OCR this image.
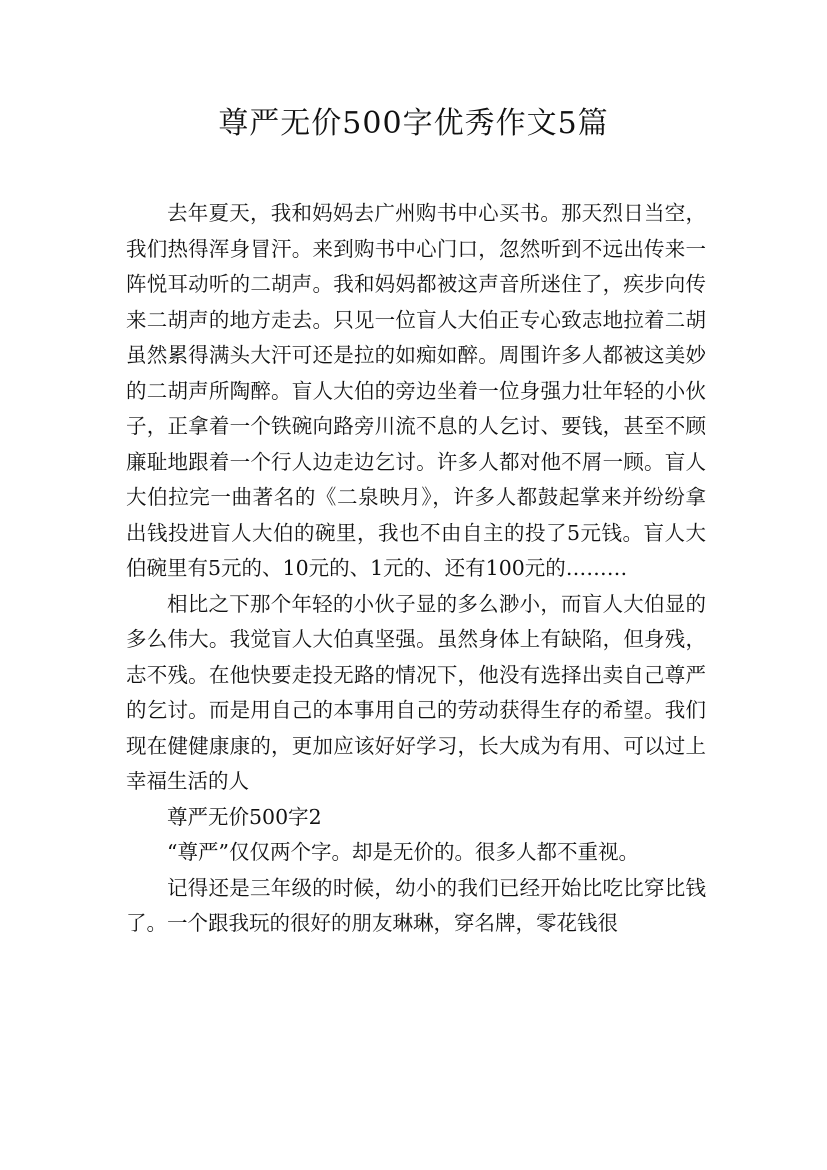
尊严无价500字优秀作文5篇

去年夏天，我和妈妈去广州购书中心买书。那天烈日当空，我们热得浑身冒汗。来到购书中心门口，忽然听到不远出传来一阵悦耳动听的二胡声。我和妈妈都被这声音所迷住了，疾步向传来二胡声的地方走去。只见一位盲人大伯正专心致志地拉着二胡虽然累得满头大汗可还是拉的如痴如醉。周围许多人都被这美妙的二胡声所陶醉。盲人大伯的旁边坐着一位身强力壮年轻的小伙子，正拿着一个铁碗向路旁川流不息的人乞讨、要钱，甚至不顾廉耻地跟着一个行人边走边乞讨。许多人都对他不屑一顾。盲人大伯拉完一曲著名的《二泉映月》，许多人都鼓起掌来并纷纷拿出钱投进盲人大伯的碗里，我也不由自主的投了5元钱。盲人大伯碗里有5元的、10元的、1元的、还有100元的………

相比之下那个年轻的小伙子显的多么渺小，而盲人大伯显的多么伟大。我觉盲人大伯真坚强。虽然身体上有缺陷，但身残，志不残。在他快要走投无路的情况下，他没有选择出卖自己尊严的乞讨。而是用自己的本事用自己的劳动获得生存的希望。我们现在健健康康的，更加应该好好学习，长大成为有用、可以过上幸福生活的人

尊严无价500字2

“尊严”仅仅两个字。却是无价的。很多人都不重视。

记得还是三年级的时候，幼小的我们已经开始比吃比穿比钱了。一个跟我玩的很好的朋友琳琳，穿名牌，零花钱很
